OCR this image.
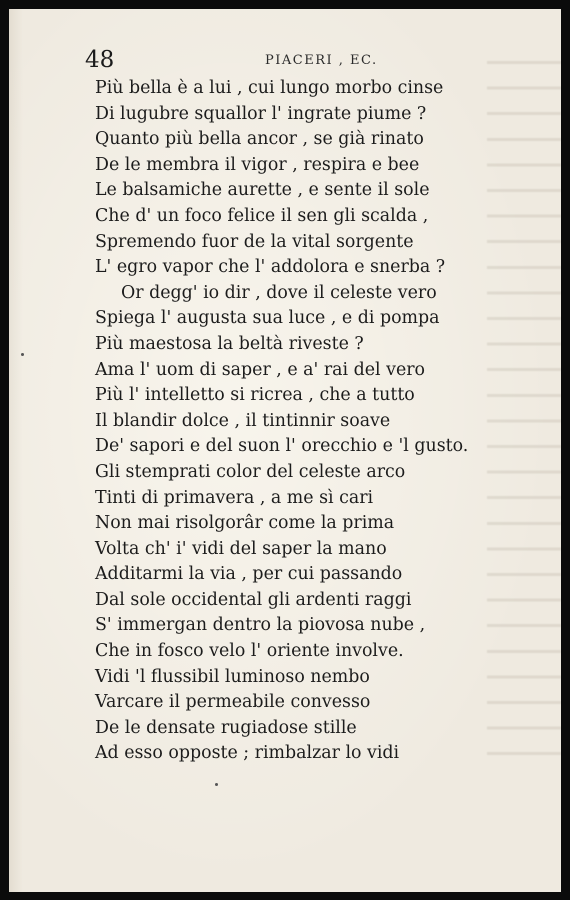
48	PIACERI , EC.
Più bella è a lui , cui lungo morbo cinse
Di lugubre squallor l' ingrate piume ?
Quanto più bella ancor , se già rinato
De le membra il vigor , respira e bee
Le balsamiche aurette , e sente il sole
Che d' un foco felice il sen gli scalda ,
Spremendo fuor de la vital sorgente
L' egro vapor che l' addolora e snerba ?
Or degg' io dir , dove il celeste vero
Spiega l' augusta sua luce , e di pompa
Più maestosa la beltà riveste ?
Ama l' uom di saper , e a' rai del vero
Più l' intelletto si ricrea , che a tutto
Il blandir dolce , il tintinnir soave
De' sapori e del suon l' orecchio e 'l gusto.
Gli stemprati color del celeste arco
Tinti di primavera , a me sì cari
Non mai risolgorâr come la prima
Volta ch' i' vidi del saper la mano
Additarmi la via , per cui passando
Dal sole occidental gli ardenti raggi
S' immergan dentro la piovosa nube ,
Che in fosco velo l' oriente involve.
Vidi 'l flussibil luminoso nembo
Varcare il permeabile convesso
De le densate rugiadose stille
Ad esso opposte ; rimbalzar lo vidi
